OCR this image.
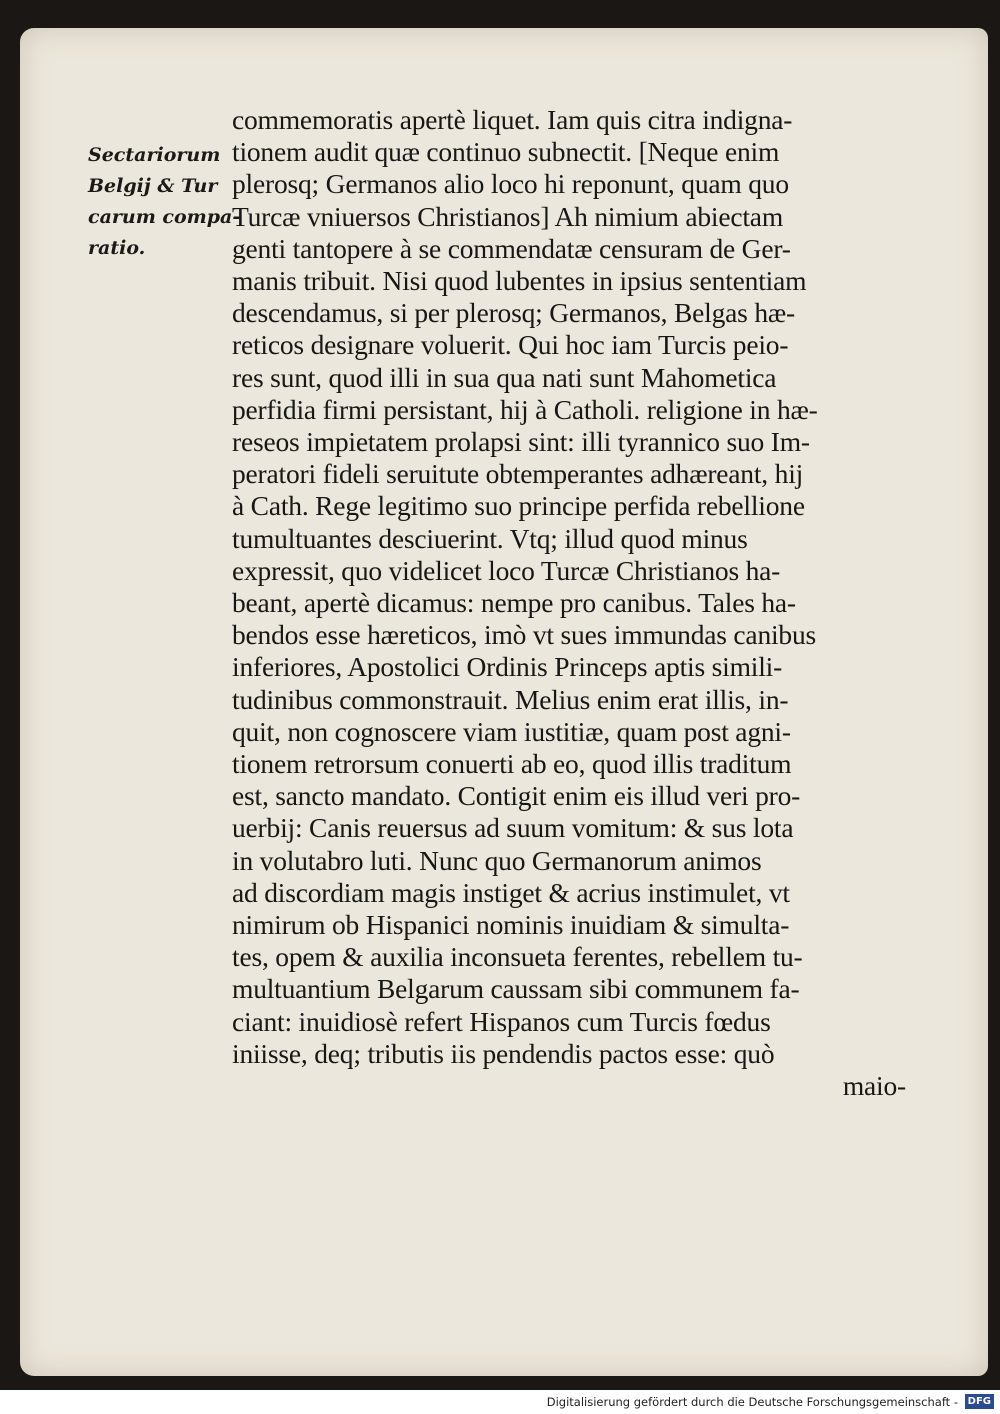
Sectariorum
Belgij & Tur
carum compa-
ratio.

commemoratis apertè liquet. Iam quis citra indigna-
tionem audit quæ continuo subnectit. [Neque enim
plerosq; Germanos alio loco hi reponunt, quam quo
Turcæ vniuersos Christianos] Ah nimium abiectam
genti tantopere à se commendatæ censuram de Ger-
manis tribuit. Nisi quod lubentes in ipsius sententiam
descendamus, si per plerosq; Germanos, Belgas hæ-
reticos designare voluerit. Qui hoc iam Turcis peio-
res sunt, quod illi in sua qua nati sunt Mahometica
perfidia firmi persistant, hij à Catholi. religione in hæ-
reseos impietatem prolapsi sint: illi tyrannico suo Im-
peratori fideli seruitute obtemperantes adhæreant, hij
à Cath. Rege legitimo suo principe perfida rebellione
tumultuantes desciuerint. Vtq; illud quod minus
expressit, quo videlicet loco Turcæ Christianos ha-
beant, apertè dicamus: nempe pro canibus. Tales ha-
bendos esse hæreticos, imò vt sues immundas canibus
inferiores, Apostolici Ordinis Princeps aptis simili-
tudinibus commonstrauit. Melius enim erat illis, in-
quit, non cognoscere viam iustitiæ, quam post agni-
tionem retrorsum conuerti ab eo, quod illis traditum
est, sancto mandato. Contigit enim eis illud veri pro-
uerbij: Canis reuersus ad suum vomitum: & sus lota
in volutabro luti. Nunc quo Germanorum animos
ad discordiam magis instiget & acrius instimulet, vt
nimirum ob Hispanici nominis inuidiam & simulta-
tes, opem & auxilia inconsueta ferentes, rebellem tu-
multuantium Belgarum caussam sibi communem fa-
ciant: inuidiosè refert Hispanos cum Turcis fœdus
iniisse, deq; tributis iis pendendis pactos esse: quò
maio-

Digitalisierung gefördert durch die Deutsche Forschungsgemeinschaft - DFG
